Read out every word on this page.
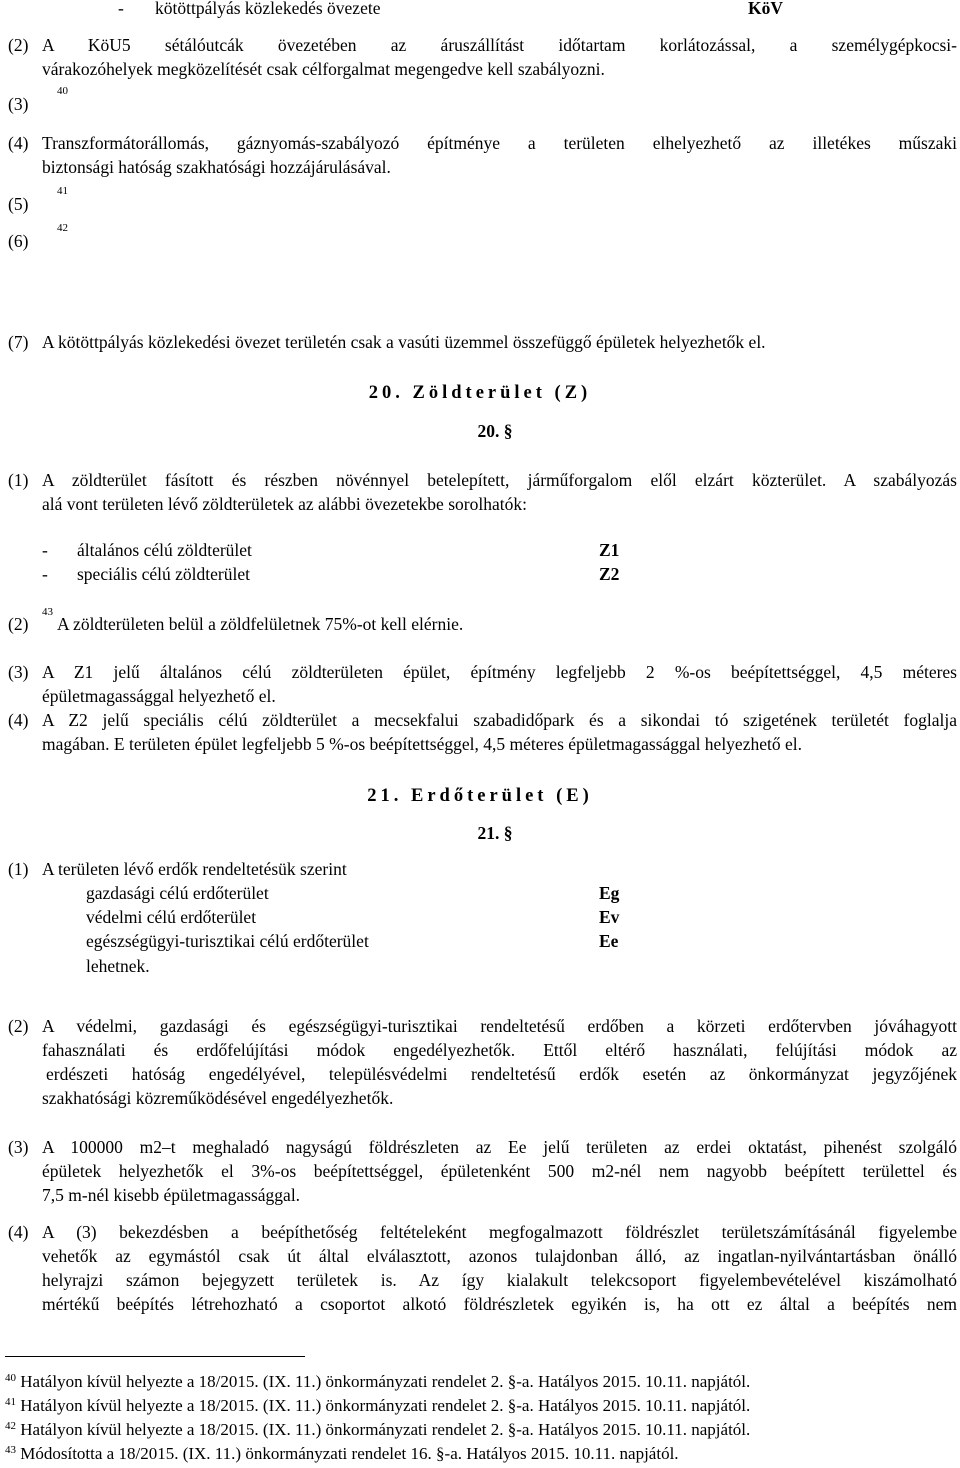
- kötöttpályás közlekedés övezete	KöV
(2) A KöU5 sétálóutcák övezetében az áruszállítást időtartam korlátozással, a személygépkocsi-
várakozóhelyek megközelítését csak célforgalmat megengedve kell szabályozni.
(3)
40
(4) Transzformátorállomás, gáznyomás-szabályozó építménye a területen elhelyezhető az illetékes műszaki
biztonsági hatóság szakhatósági hozzájárulásával.
(5)
41
(6)
42
(7) A kötöttpályás közlekedési övezet területén csak a vasúti üzemmel összefüggő épületek helyezhetők el.
20. Zöldterület (Z)
20. §
(1) A zöldterület fásított és részben növénnyel betelepített, járműforgalom elől elzárt közterület. A szabályozás
alá vont területen lévő zöldterületek az alábbi övezetekbe sorolhatók:
- általános célú zöldterület	Z1
- speciális célú zöldterület	Z2
(2)
43
A zöldterületen belül a zöldfelületnek 75%-ot kell elérnie.
(3) A Z1 jelű általános célú zöldterületen épület, építmény legfeljebb 2 %-os beépítettséggel, 4,5 méteres
épületmagassággal helyezhető el.
(4) A Z2 jelű speciális célú zöldterület a mecsekfalui szabadidőpark és a sikondai tó szigetének területét foglalja
magában. E területen épület legfeljebb 5 %-os beépítettséggel, 4,5 méteres épületmagassággal helyezhető el.
21. Erdőterület (E)
21. §
(1) A területen lévő erdők rendeltetésük szerint
gazdasági célú erdőterület	Eg
védelmi célú erdőterület	Ev
egészségügyi-turisztikai célú erdőterület	Ee
lehetnek.
(2) A védelmi, gazdasági és egészségügyi-turisztikai rendeltetésű erdőben a körzeti erdőtervben jóváhagyott
fahasználati és erdőfelújítási módok engedélyezhetők. Ettől eltérő használati, felújítási módok az
erdészeti hatóság engedélyével, településvédelmi rendeltetésű erdők esetén az önkormányzat jegyzőjének
szakhatósági közreműködésével engedélyezhetők.
(3) A 100000 m2–t meghaladó nagyságú földrészleten az Ee jelű területen az erdei oktatást, pihenést szolgáló
épületek helyezhetők el 3%-os beépítettséggel, épületenként 500 m2-nél nem nagyobb beépített területtel és
7,5 m-nél kisebb épületmagassággal.
(4) A (3) bekezdésben a beépíthetőség feltételeként megfogalmazott földrészlet területszámításánál figyelembe
vehetők az egymástól csak út által elválasztott, azonos tulajdonban álló, az ingatlan-nyilvántartásban önálló
helyrajzi számon bejegyzett területek is. Az így kialakult telekcsoport figyelembevételével kiszámolható
mértékű beépítés létrehozható a csoportot alkotó földrészletek egyikén is, ha ott ez által a beépítés nem
$^{40}$ Hatályon kívül helyezte a 18/2015. (IX. 11.) önkormányzati rendelet 2. §-a. Hatályos 2015. 10.11. napjától.
$^{41}$ Hatályon kívül helyezte a 18/2015. (IX. 11.) önkormányzati rendelet 2. §-a. Hatályos 2015. 10.11. napjától.
$^{42}$ Hatályon kívül helyezte a 18/2015. (IX. 11.) önkormányzati rendelet 2. §-a. Hatályos 2015. 10.11. napjától.
$^{43}$ Módosította a 18/2015. (IX. 11.) önkormányzati rendelet 16. §-a. Hatályos 2015. 10.11. napjától.
